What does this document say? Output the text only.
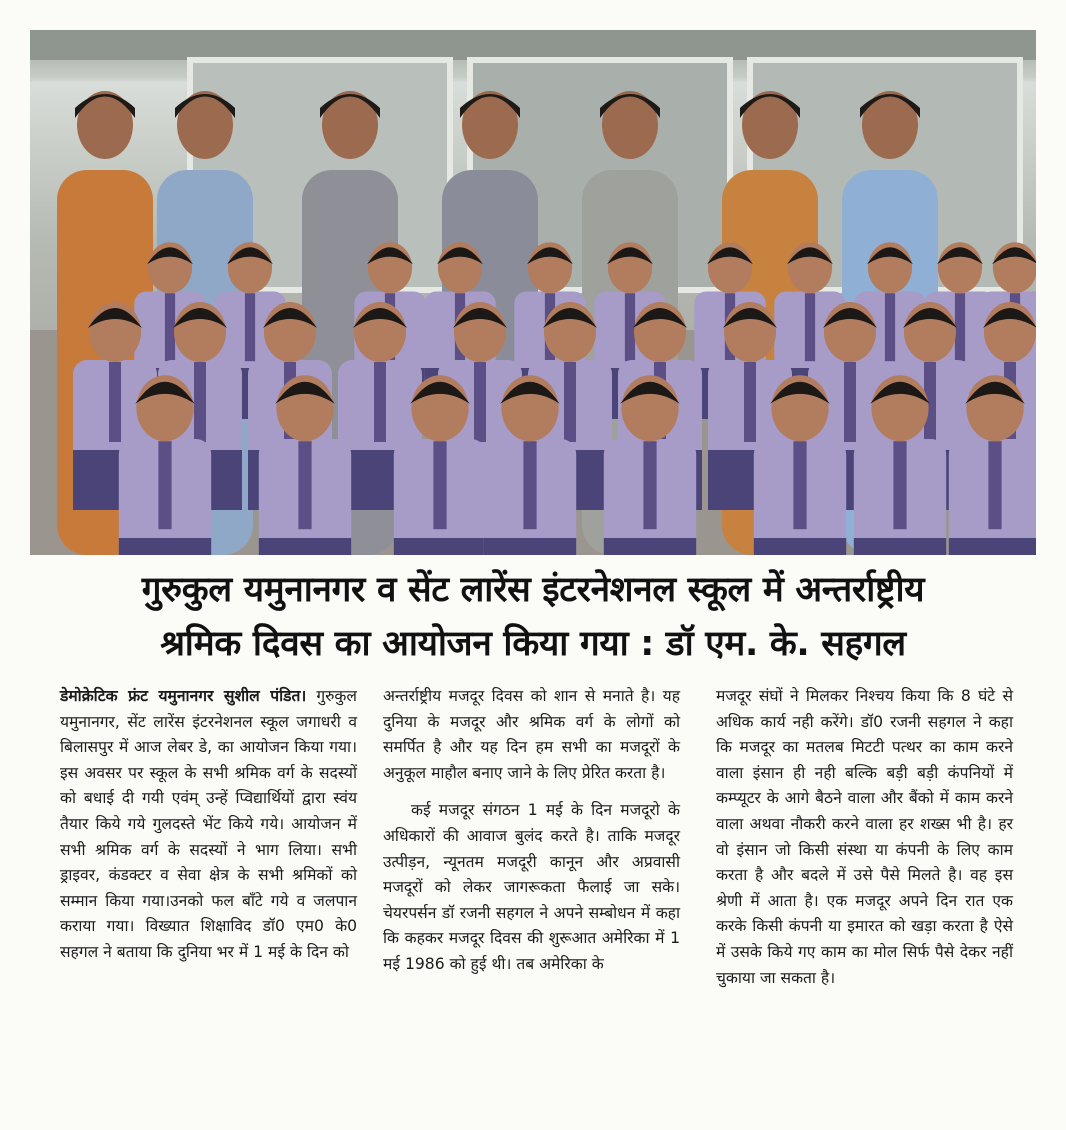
गुरुकुल यमुनानगर व सेंट लारेंस इंटरनेशनल स्कूल में अन्तर्राष्ट्रीय
श्रमिक दिवस का आयोजन किया गया : डॉ एम. के. सहगल

डेमोक्रेटिक फ्रंट यमुनानगर सुशील पंडित। गुरुकुल यमुनानगर, सेंट लारेंस इंटरनेशनल स्कूल जगाधरी व बिलासपुर में आज लेबर डे, का आयोजन किया गया। इस अवसर पर स्कूल के सभी श्रमिक वर्ग के सदस्यों को बधाई दी गयी एवंम् उन्हें प्विद्यार्थियों द्वारा स्वंय तैयार किये गये गुलदस्ते भेंट किये गये। आयोजन में सभी श्रमिक वर्ग के सदस्यों ने भाग लिया। सभी ड्राइवर, कंडक्टर व सेवा क्षेत्र के सभी श्रमिकों को सम्मान किया गया।उनको फल बाँटे गये व जलपान कराया गया। विख्यात शिक्षाविद डॉ0 एम0 के0 सहगल ने बताया कि दुनिया भर में 1 मई के दिन को

अन्तर्राष्ट्रीय मजदूर दिवस को शान से मनाते है। यह दुनिया के मजदूर और श्रमिक वर्ग के लोगों को समर्पित है और यह दिन हम सभी का मजदूरों के अनुकूल माहौल बनाए जाने के लिए प्रेरित करता है।

कई मजदूर संगठन 1 मई के दिन मजदूरो के अधिकारों की आवाज बुलंद करते है। ताकि मजदूर उत्पीड़न, न्यूनतम मजदूरी कानून और अप्रवासी मजदूरों को लेकर जागरूकता फैलाई जा सके।चेयरपर्सन डॉ रजनी सहगल ने अपने सम्बोधन में कहा कि कहकर मजदूर दिवस की शुरूआत अमेरिका में 1 मई 1986 को हुई थी। तब अमेरिका के

मजदूर संघों ने मिलकर निश्चय किया कि 8 घंटे से अधिक कार्य नही करेंगे। डॉ0 रजनी सहगल ने कहा कि मजदूर का मतलब मिटटी पत्थर का काम करने वाला इंसान ही नही बल्कि बड़ी बड़ी कंपनियों में कम्प्यूटर के आगे बैठने वाला और बैंको में काम करने वाला अथवा नौकरी करने वाला हर शख्स भी है। हर वो इंसान जो किसी संस्था या कंपनी के लिए काम करता है और बदले में उसे पैसे मिलते है। वह इस श्रेणी में आता है। एक मजदूर अपने दिन रात एक करके किसी कंपनी या इमारत को खड़ा करता है ऐसे में उसके किये गए काम का मोल सिर्फ पैसे देकर नहीं चुकाया जा सकता है।
